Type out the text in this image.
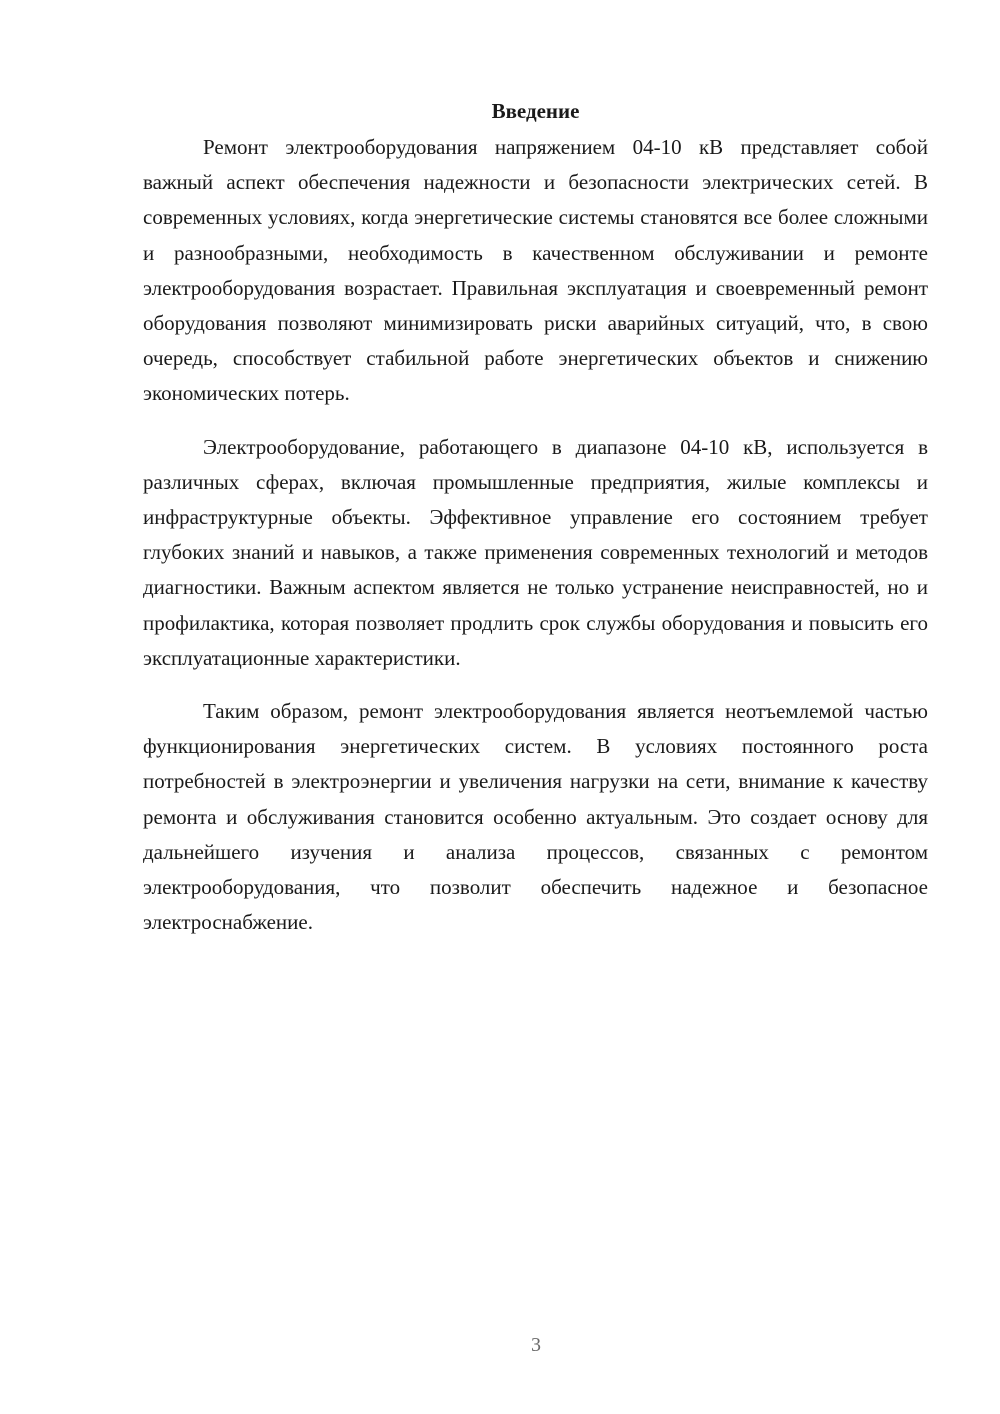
Введение

Ремонт электрооборудования напряжением 04-10 кВ представляет собой важный аспект обеспечения надежности и безопасности электрических сетей. В современных условиях, когда энергетические системы становятся все более сложными и разнообразными, необходимость в качественном обслуживании и ремонте электрооборудования возрастает. Правильная эксплуатация и своевременный ремонт оборудования позволяют минимизировать риски аварийных ситуаций, что, в свою очередь, способствует стабильной работе энергетических объектов и снижению экономических потерь.

Электрооборудование, работающего в диапазоне 04-10 кВ, используется в различных сферах, включая промышленные предприятия, жилые комплексы и инфраструктурные объекты. Эффективное управление его состоянием требует глубоких знаний и навыков, а также применения современных технологий и методов диагностики. Важным аспектом является не только устранение неисправностей, но и профилактика, которая позволяет продлить срок службы оборудования и повысить его эксплуатационные характеристики.

Таким образом, ремонт электрооборудования является неотъемлемой частью функционирования энергетических систем. В условиях постоянного роста потребностей в электроэнергии и увеличения нагрузки на сети, внимание к качеству ремонта и обслуживания становится особенно актуальным. Это создает основу для дальнейшего изучения и анализа процессов, связанных с ремонтом электрооборудования, что позволит обеспечить надежное и безопасное электроснабжение.

3
